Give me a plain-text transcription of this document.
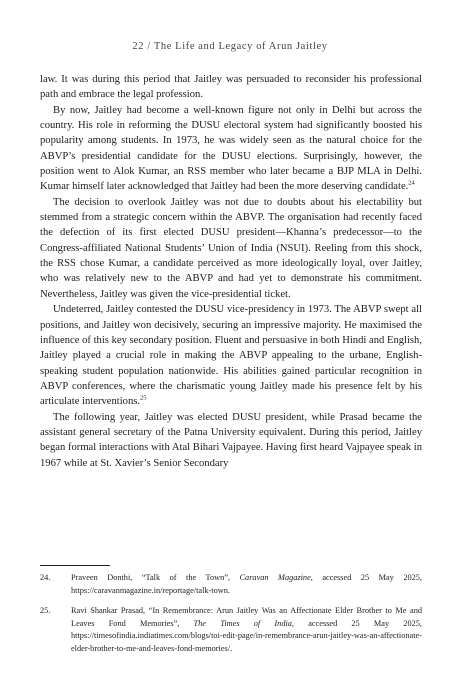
22 / The Life and Legacy of Arun Jaitley

law. It was during this period that Jaitley was persuaded to reconsider his professional path and embrace the legal profession.

By now, Jaitley had become a well-known figure not only in Delhi but across the country. His role in reforming the DUSU electoral system had significantly boosted his popularity among students. In 1973, he was widely seen as the natural choice for the ABVP’s presidential candidate for the DUSU elections. Surprisingly, however, the position went to Alok Kumar, an RSS member who later became a BJP MLA in Delhi. Kumar himself later acknowledged that Jaitley had been the more deserving candidate.$^{24}$

The decision to overlook Jaitley was not due to doubts about his electability but stemmed from a strategic concern within the ABVP. The organisation had recently faced the defection of its first elected DUSU president—Khanna’s predecessor—to the Congress-affiliated National Students’ Union of India (NSUI). Reeling from this shock, the RSS chose Kumar, a candidate perceived as more ideologically loyal, over Jaitley, who was relatively new to the ABVP and had yet to demonstrate his commitment. Nevertheless, Jaitley was given the vice-presidential ticket.

Undeterred, Jaitley contested the DUSU vice-presidency in 1973. The ABVP swept all positions, and Jaitley won decisively, securing an impressive majority. He maximised the influence of this key secondary position. Fluent and persuasive in both Hindi and English, Jaitley played a crucial role in making the ABVP appealing to the urbane, English-speaking student population nationwide. His abilities gained particular recognition in ABVP conferences, where the charismatic young Jaitley made his presence felt by his articulate interventions.$^{25}$

The following year, Jaitley was elected DUSU president, while Prasad became the assistant general secretary of the Patna University equivalent. During this period, Jaitley began formal interactions with Atal Bihari Vajpayee. Having first heard Vajpayee speak in 1967 while at St. Xavier’s Senior Secondary

24.	Praveen Donthi, “Talk of the Town”, Caravan Magazine, accessed 25 May 2025, https://caravanmagazine.in/reportage/talk-town.
25.	Ravi Shankar Prasad, “In Remembrance: Arun Jaitley Was an Affectionate Elder Brother to Me and Leaves Fond Memories”, The Times of India, accessed 25 May 2025, https://timesofindia.indiatimes.com/blogs/toi-edit-page/in-remembrance-arun-jaitley-was-an-affectionate-elder-brother-to-me-and-leaves-fond-memories/.
